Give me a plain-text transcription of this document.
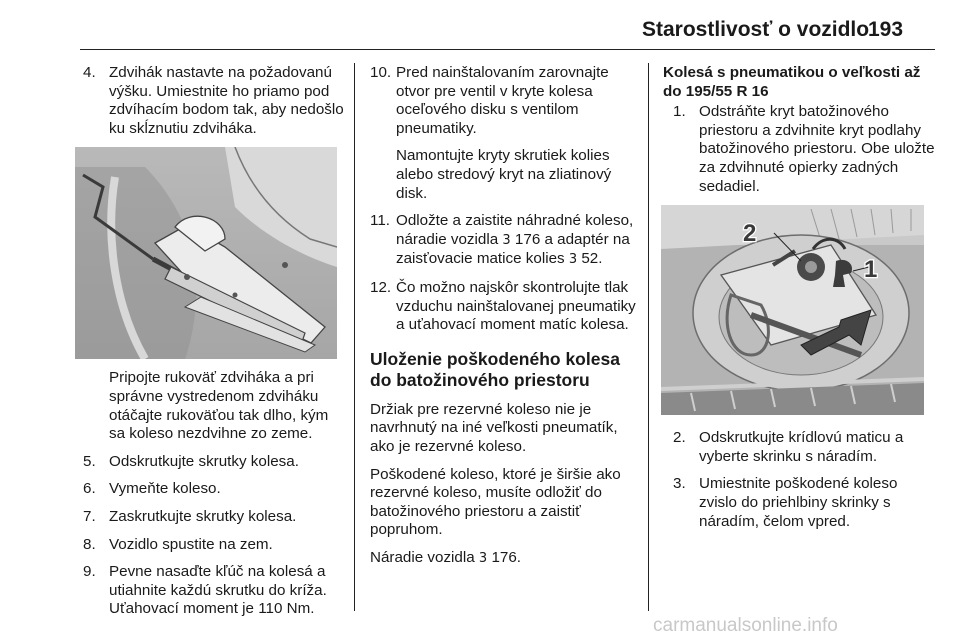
Starostlivosť o vozidlo
193
4. Zdvihák nastavte na požadovanú výšku. Umiestnite ho priamo pod zdvíhacím bodom tak, aby nedošlo ku skĺznutiu zdviháka.
Pripojte rukoväť zdviháka a pri správne vystredenom zdviháku otáčajte rukoväťou tak dlho, kým sa koleso nezdvihne zo zeme.
5. Odskrutkujte skrutky kolesa.
6. Vymeňte koleso.
7. Zaskrutkujte skrutky kolesa.
8. Vozidlo spustite na zem.
9. Pevne nasaďte kľúč na kolesá a utiahnite každú skrutku do kríža. Uťahovací moment je 110 Nm.
10. Pred nainštalovaním zarovnajte otvor pre ventil v kryte kolesa oceľového disku s ventilom pneumatiky.
Namontujte kryty skrutiek kolies alebo stredový kryt na zliatinový disk.
11. Odložte a zaistite náhradné koleso, náradie vozidla 3 176 a adaptér na zaisťovacie matice kolies 3 52.
12. Čo možno najskôr skontrolujte tlak vzduchu nainštalovanej pneumatiky a uťahovací moment matíc kolesa.
Uloženie poškodeného kolesa do batožinového priestoru
Držiak pre rezervné koleso nie je navrhnutý na iné veľkosti pneumatík, ako je rezervné koleso.
Poškodené koleso, ktoré je širšie ako rezervné koleso, musíte odložiť do batožinového priestoru a zaistiť popruhom.
Náradie vozidla 3 176.
Kolesá s pneumatikou o veľkosti až
do 195/55 R 16
1. Odstráňte kryt batožinového priestoru a zdvihnite kryt podlahy batožinového priestoru. Obe uložte za zdvihnuté opierky zadných sedadiel.
2
1
2. Odskrutkujte krídlovú maticu a vyberte skrinku s náradím.
3. Umiestnite poškodené koleso zvislo do priehlbiny skrinky s náradím, čelom vpred.
carmanualsonline.info
